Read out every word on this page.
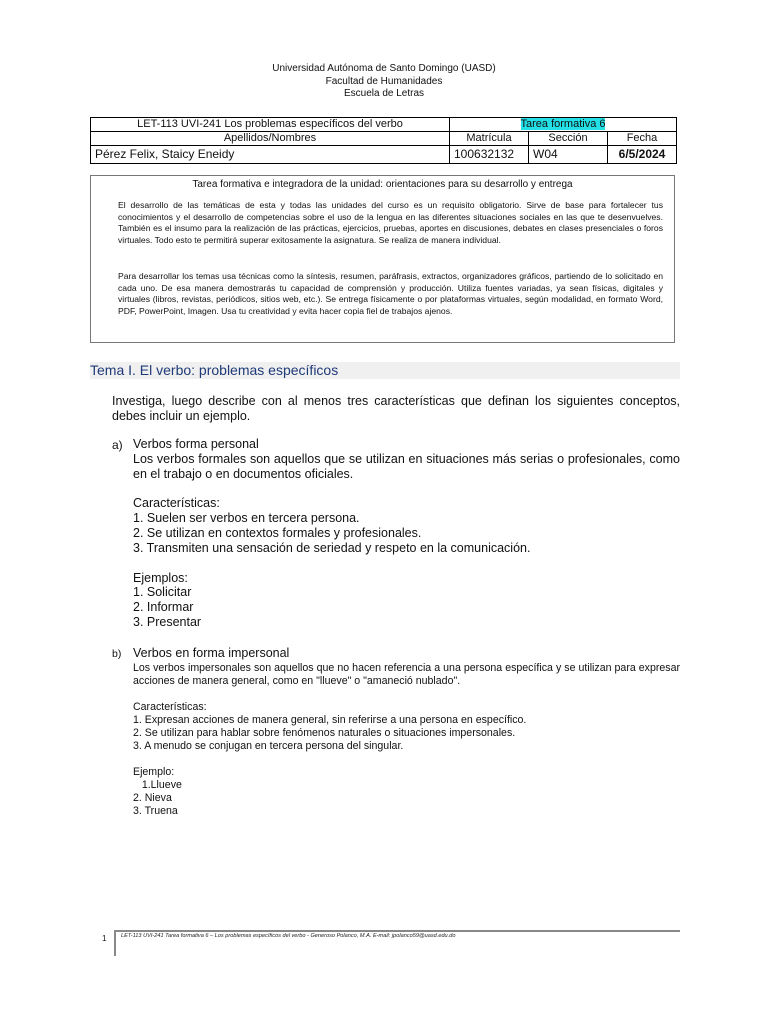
Universidad Autónoma de Santo Domingo (UASD)
Facultad de Humanidades
Escuela de Letras
LET-113 UVI-241 Los problemas específicos del verbo	Tarea formativa 6		
Apellidos/Nombres	Matrícula	Sección	Fecha
Pérez Felix, Staicy Eneidy	100632132	W04	6/5/2024
Tarea formativa e integradora de la unidad: orientaciones para su desarrollo y entrega
El desarrollo de las temáticas de esta y todas las unidades del curso es un requisito obligatorio. Sirve de base para fortalecer tus conocimientos y el desarrollo de competencias sobre el uso de la lengua en las diferentes situaciones sociales en las que te desenvuelves. También es el insumo para la realización de las prácticas, ejercicios, pruebas, aportes en discusiones, debates en clases presenciales o foros virtuales. Todo esto te permitirá superar exitosamente la asignatura. Se realiza de manera individual.
Para desarrollar los temas usa técnicas como la síntesis, resumen, paráfrasis, extractos, organizadores gráficos, partiendo de lo solicitado en cada uno. De esa manera demostrarás tu capacidad de comprensión y producción. Utiliza fuentes variadas, ya sean físicas, digitales y virtuales (libros, revistas, periódicos, sitios web, etc.). Se entrega físicamente o por plataformas virtuales, según modalidad, en formato Word, PDF, PowerPoint, Imagen. Usa tu creatividad y evita hacer copia fiel de trabajos ajenos.
Tema I. El verbo: problemas específicos
Investiga, luego describe con al menos tres características que definan los siguientes conceptos, debes incluir un ejemplo.
a) Verbos forma personal

Los verbos formales son aquellos que se utilizan en situaciones más serias o profesionales, como en el trabajo o en documentos oficiales.

Características:

1. Suelen ser verbos en tercera persona.

2. Se utilizan en contextos formales y profesionales.

3. Transmiten una sensación de seriedad y respeto en la comunicación.

Ejemplos:

1. Solicitar

2. Informar

3. Presentar

b) Verbos en forma impersonal

Los verbos impersonales son aquellos que no hacen referencia a una persona específica y se utilizan para expresar acciones de manera general, como en "llueve" o "amaneció nublado".

Características:

1. Expresan acciones de manera general, sin referirse a una persona en específico.

2. Se utilizan para hablar sobre fenómenos naturales o situaciones impersonales.

3. A menudo se conjugan en tercera persona del singular.

Ejemplo:

1.Llueve

2. Nieva

3. Truena

1	LET-113 UVI-241 Tarea formativa 6 – Los problemas específicos del verbo - Generoso Polanco, M.A. E-mail: jpolanco59@uasd.edu.do
